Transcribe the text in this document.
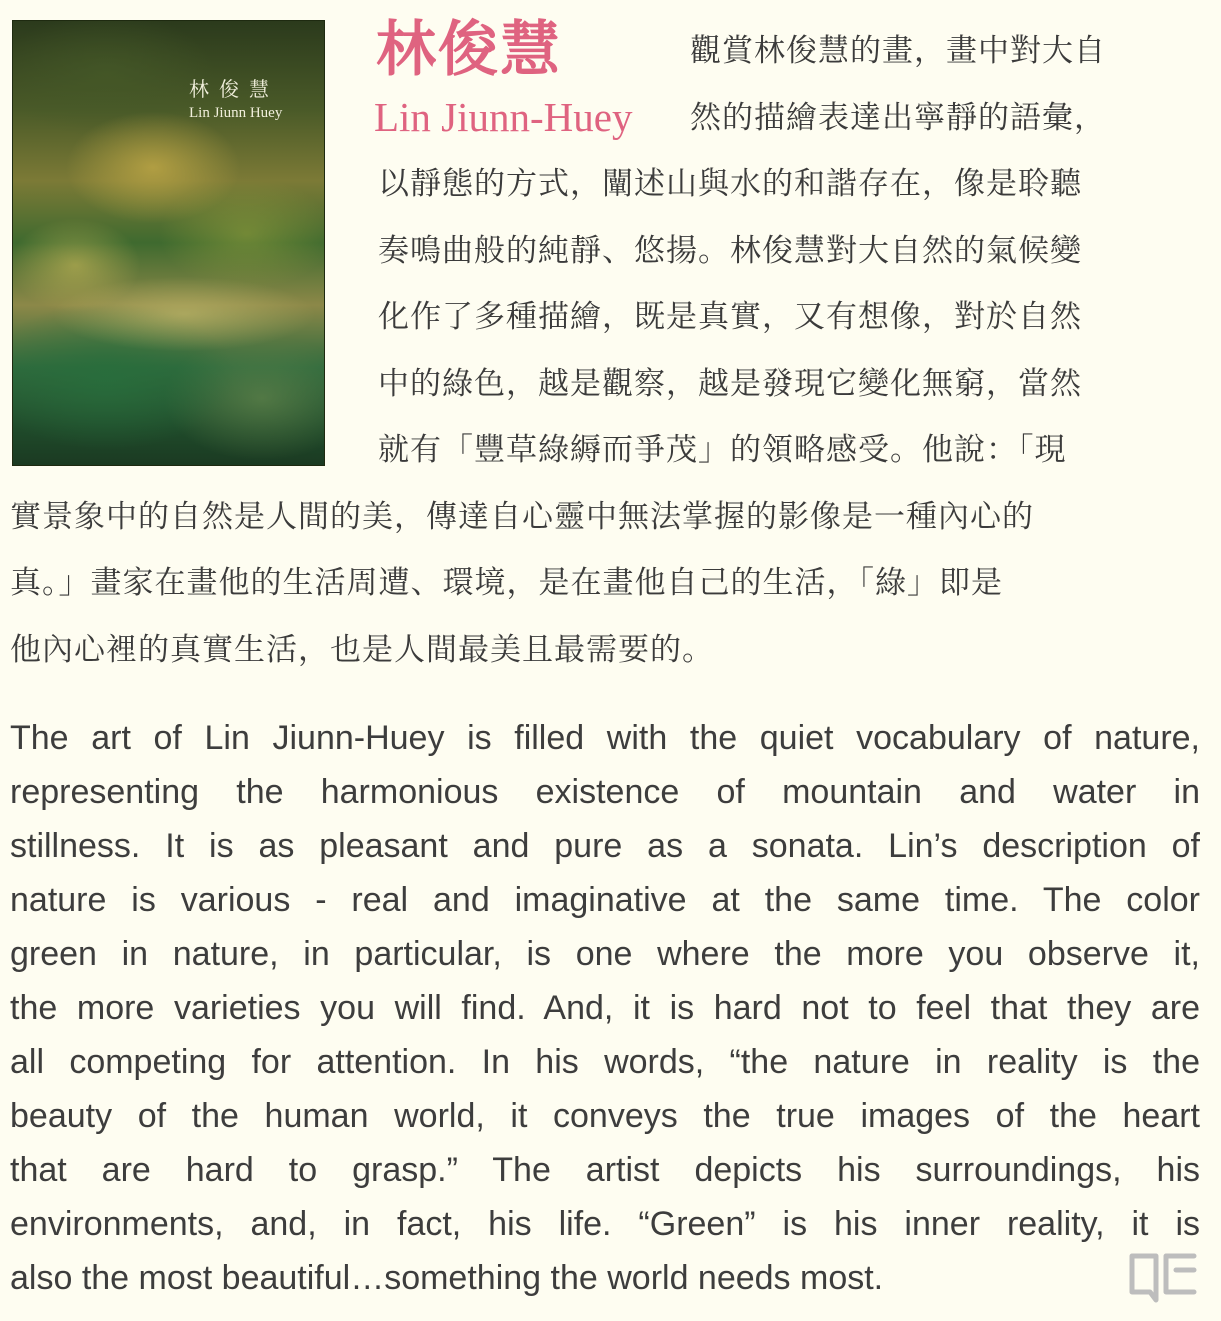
林俊慧
Lin Jiunn Huey
林俊慧
Lin Jiunn-Huey
觀賞林俊慧的畫，畫中對大自
然的描繪表達出寧靜的語彙，
以靜態的方式，闡述山與水的和諧存在，像是聆聽
奏鳴曲般的純靜、悠揚。林俊慧對大自然的氣候變
化作了多種描繪，既是真實，又有想像，對於自然
中的綠色，越是觀察，越是發現它變化無窮，當然
就有「豐草綠縟而爭茂」的領略感受。他說：「現
實景象中的自然是人間的美，傳達自心靈中無法掌握的影像是一種內心的
真。」畫家在畫他的生活周遭、環境，是在畫他自己的生活，「綠」即是
他內心裡的真實生活，也是人間最美且最需要的。
The art of Lin Jiunn-Huey is filled with the quiet vocabulary of nature,
representing the harmonious existence of mountain and water in
stillness. It is as pleasant and pure as a sonata. Lin’s description of
nature is various - real and imaginative at the same time. The color
green in nature, in particular, is one where the more you observe it,
the more varieties you will find. And, it is hard not to feel that they are
all competing for attention. In his words, “the nature in reality is the
beauty of the human world, it conveys the true images of the heart
that are hard to grasp.” The artist depicts his surroundings, his
environments, and, in fact, his life. “Green” is his inner reality, it is
also the most beautiful…something the world needs most.
